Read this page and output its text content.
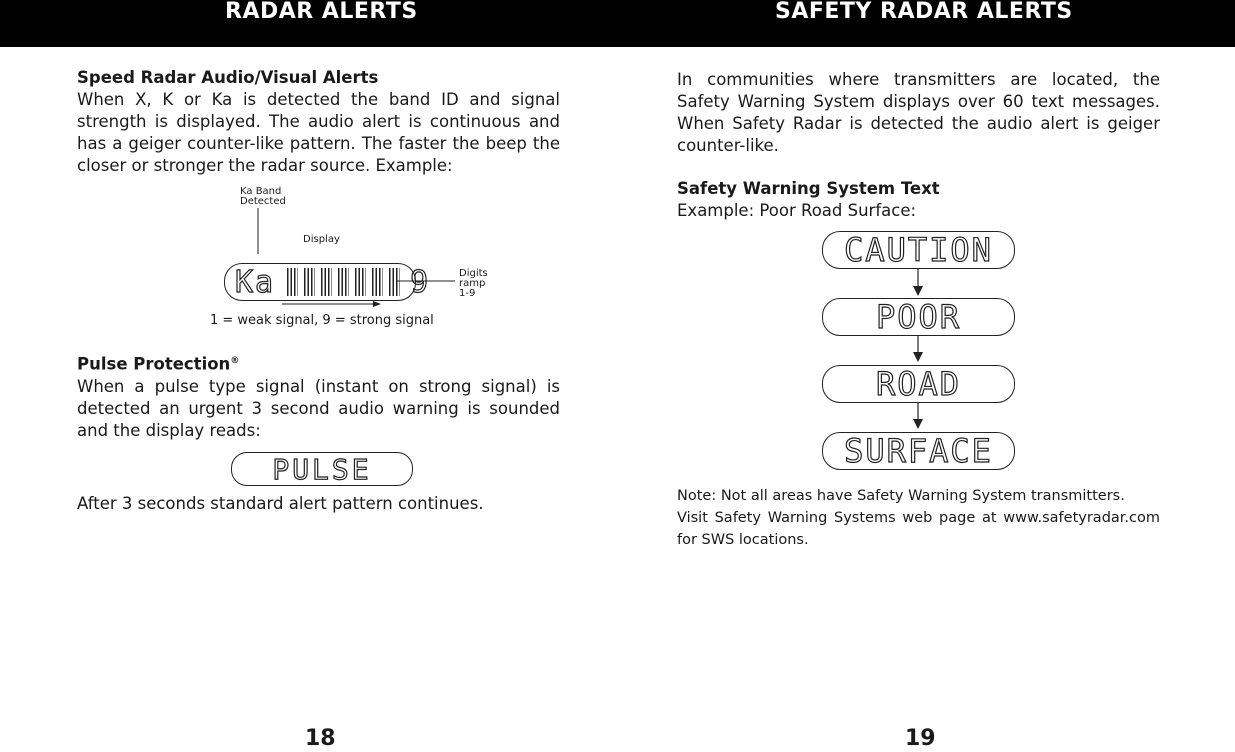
RADAR ALERTS	SAFETY RADAR ALERTS

Speed Radar Audio/Visual Alerts

When X, K or Ka is detected the band ID and signal strength is displayed. The audio alert is continuous and has a geiger counter-like pattern. The faster the beep the closer or stronger the radar source. Example:

Ka Band
Detected
Display
Digits
ramp
1-9
Ka	9
1 = weak signal, 9 = strong signal

Pulse Protection®

When a pulse type signal (instant on strong signal) is detected an urgent 3 second audio warning is sounded and the display reads:

PULSE
After 3 seconds standard alert pattern continues.

In communities where transmitters are located, the Safety Warning System displays over 60 text messages. When Safety Radar is detected the audio alert is geiger counter-like.

Safety Warning System Text

Example: Poor Road Surface:

CAUTION
POOR
ROAD
SURFACE

Note: Not all areas have Safety Warning System transmitters.

Visit Safety Warning Systems web page at www.safetyradar.com for SWS locations.

18	19
